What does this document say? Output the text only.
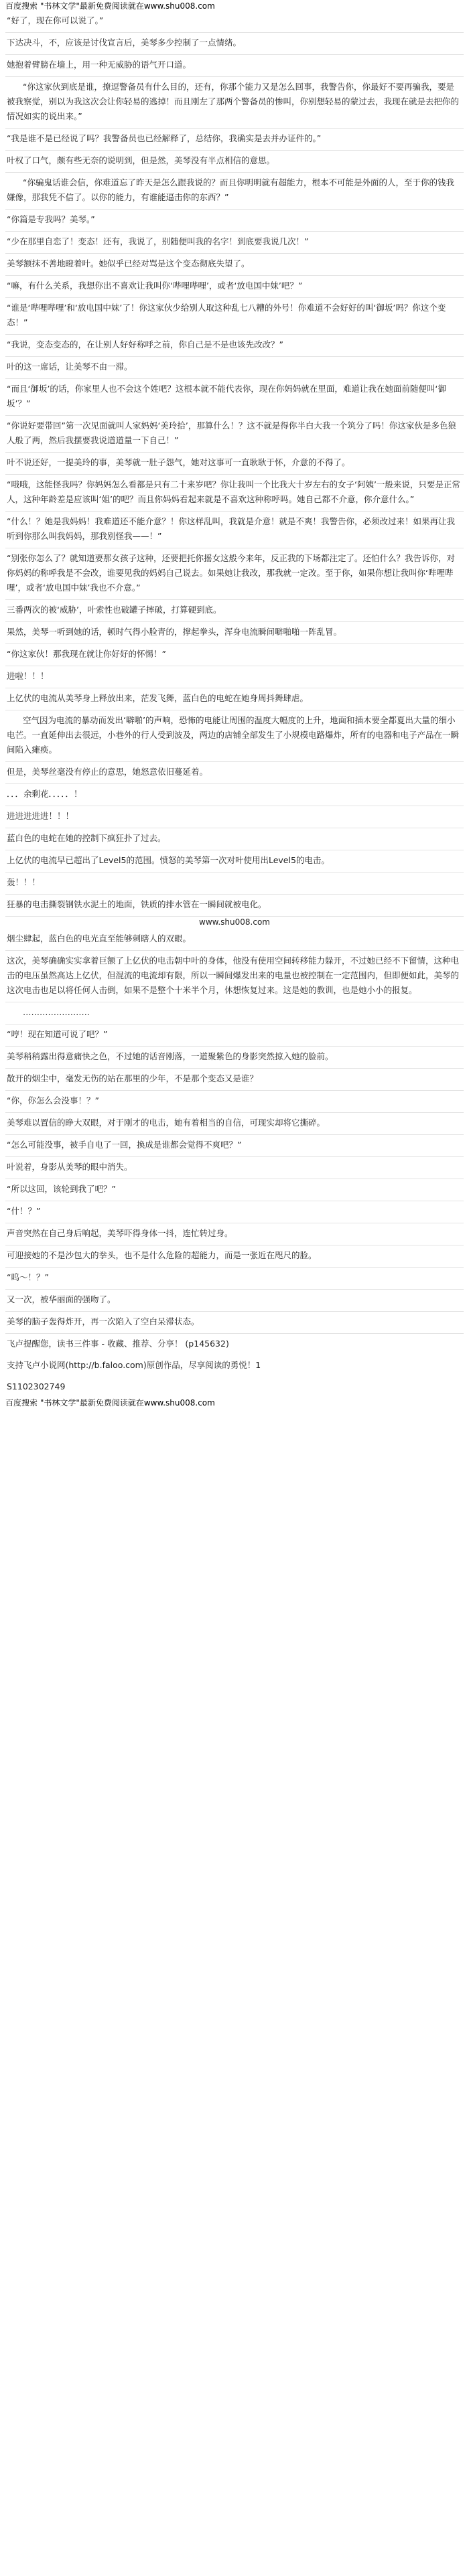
百度搜索 "书林文学"最新免费阅读就在www.shu008.com
“好了，现在你可以说了。”
下达决斗，不，应该是讨伐宣言后，美琴多少控制了一点情绪。
她抱着臂膀在墙上，用一种无威胁的语气开口道。
“你这家伙到底是谁，撩逗警备员有什么目的，还有，你那个能力又是怎么回事，我警告你，你最好不要再骗我，要是被我察觉，别以为我这次会让你轻易的逃掉！而且刚左了那两个警备员的惨叫，你别想轻易的蒙过去，我现在就是去把你的情况如实的说出来。”
“我是谁不是已经说了吗？我警备员也已经解释了，总结你，我确实是去并办证件的。”
叶权了口气，颇有些无奈的说明到，但是然，美琴没有半点相信的意思。
“你骗鬼话谁会信，你难道忘了昨天是怎么跟我说的？而且你明明就有超能力，根本不可能是外面的人，至于你的钱我嫌像，那我凭不信了。以你的能力，有谁能逼击你的东西？”
“你篇是专我吗？美琴。”
“少在那里自恋了！变态！还有，我说了，别随便叫我的名字！到底要我说几次！”
美琴额抹不善地瞪着叶。她似乎已经对骂是这个变态彻底失望了。
“嘛，有什么关系，我想你出不喜欢让我叫你‘哔哩哔哩’，或者‘放电国中妹’吧？”
“谁是‘哔哩哔哩’和‘放电国中妹’了！你这家伙少给别人取这种乱七八糟的外号！你难道不会好好的叫‘御坂’吗？你这个变态！”
“我说，变态变态的，在让别人好好称呼之前，你自己是不是也该先改改？”
叶的这一席话，让美琴不由一滞。
“而且‘御坂’的话，你家里人也不会这个姓吧？这根本就不能代表你，现在你妈妈就在里面，难道让我在她面前随便叫‘御坂’？”
“你说好要带回”第一次见面就叫人家妈妈‘美玲拾’，那算什么！？这不就是得你半白大我一个筑分了吗！你这家伙是多色狼人般了两，然后我摆要我说道道量一下自己！”
叶不说还好，一提美玲的事，美琴就一肚子怨气，她对这事可一直耿耿于怀，介意的不得了。
“哦哦，这能怪我吗？你妈妈怎么看都是只有二十来岁吧？你让我叫一个比我大十岁左右的女子‘阿姨’一般来说，只要是正常人，这种年龄差是应该叫‘姐’的吧？而且你妈妈看起来就是不喜欢这种称呼吗。她自己都不介意，你介意什么。”
“什么！？她是我妈妈！我难道还不能介意？！你这样乱叫，我就是介意！就是不爽！我警告你，必须改过来！如果再让我听到你那么叫我妈妈，那我别怪我——！”
“别张你怎么了？就知道要那女孩子这种，还要把托你摇女这般今来年，反正我的下场都注定了。还怕什么？我告诉你，对你妈妈的称呼我是不会改，谁要见我的妈妈自己说去。如果她让我改，那我就一定改。至于你，如果你想让我叫你‘哔哩哔哩’，或者‘放电国中妹’我也不介意。”
三番两次的被‘威胁’，叶索性也破罐子摔破，打算硬到底。
果然，美琴一听到她的话，顿时气得小脸青的，撑起拳头，浑身电流瞬间噼啪啪一阵乱冒。
“你这家伙！那我现在就让你好好的怀惕！”
进啦！！！
上亿伏的电流从美琴身上释放出来，茫发飞舞，蓝白色的电蛇在她身周抖舞肆虐。
空气因为电流的暴动而发出‘噼啪’的声响，恐怖的电能让周围的温度大幅度的上升，地面和插木要全都夏出大量的细小电芒。一直延伸出去很远，小巷外的行人受到波及，两边的店铺全部发生了小规模电路爆炸，所有的电器和电子产品在一瞬间陷入瘫痪。
但是，美琴丝毫没有停止的意思，她怒意依旧蔓延着。
．．．余剩花．．．．．！
进进进进进！！！
蓝白色的电蛇在她的控制下疯狂扑了过去。
上亿伏的电流早已超出了Level5的范围。愤怒的美琴第一次对叶使用出Level5的电击。
轰！！！
狂暴的电击撕裂钢铁水泥土的地面，铁质的排水管在一瞬间就被电化。
www.shu008.com
烟尘肆起，蓝白色的电光直至能够刺瞎人的双眼。
这次，美琴确确实实拿着巨额了上亿伏的电击朝中叶的身体，他没有使用空间转移能力躲开，不过她已经不下留情，这种电击的电压虽然高达上亿伏，但混流的电流却有限，所以一瞬间爆发出来的电量也被控制在一定范围内，但即便如此，美琴的这次电击也足以将任何人击倒，如果不是整个十米半个月，休想恢复过来。这是她的教训，也是她小小的报复。
……………………
“哼！现在知道可说了吧？”
美琴稍稍露出得意痛快之色，不过她的话音刚落，一道聚紫色的身影突然掠入她的脸前。
散开的烟尘中，毫发无伤的站在那里的少年，不是那个变态又是谁？
“你，你怎么会没事！？”
美琴难以置信的睁大双眼，对于刚才的电击，她有着相当的自信，可现实却将它撕碎。
“怎么可能没事，被手自电了一回，换成是谁都会觉得不爽吧？”
叶说着，身影从美琴的眼中消失。
“所以这回，该轮到我了吧？”
“什！？”
声音突然在自己身后响起，美琴吓得身体一抖，连忙转过身。
可迎接她的不是沙包大的拳头，也不是什么危险的超能力，而是一张近在咫尺的脸。
“呜～！？”
又一次，被华丽面的强吻了。
美琴的脑子轰得炸开，再一次陷入了空白呆滞状态。
飞卢提醒您，读书三件事 - 收藏、推荐、分享！ (p145632)
支持飞卢小说网(http://b.faloo.com)原创作品，尽享阅读的勇悦！1
S1102302749
百度搜索 "书林文学"最新免费阅读就在www.shu008.com
